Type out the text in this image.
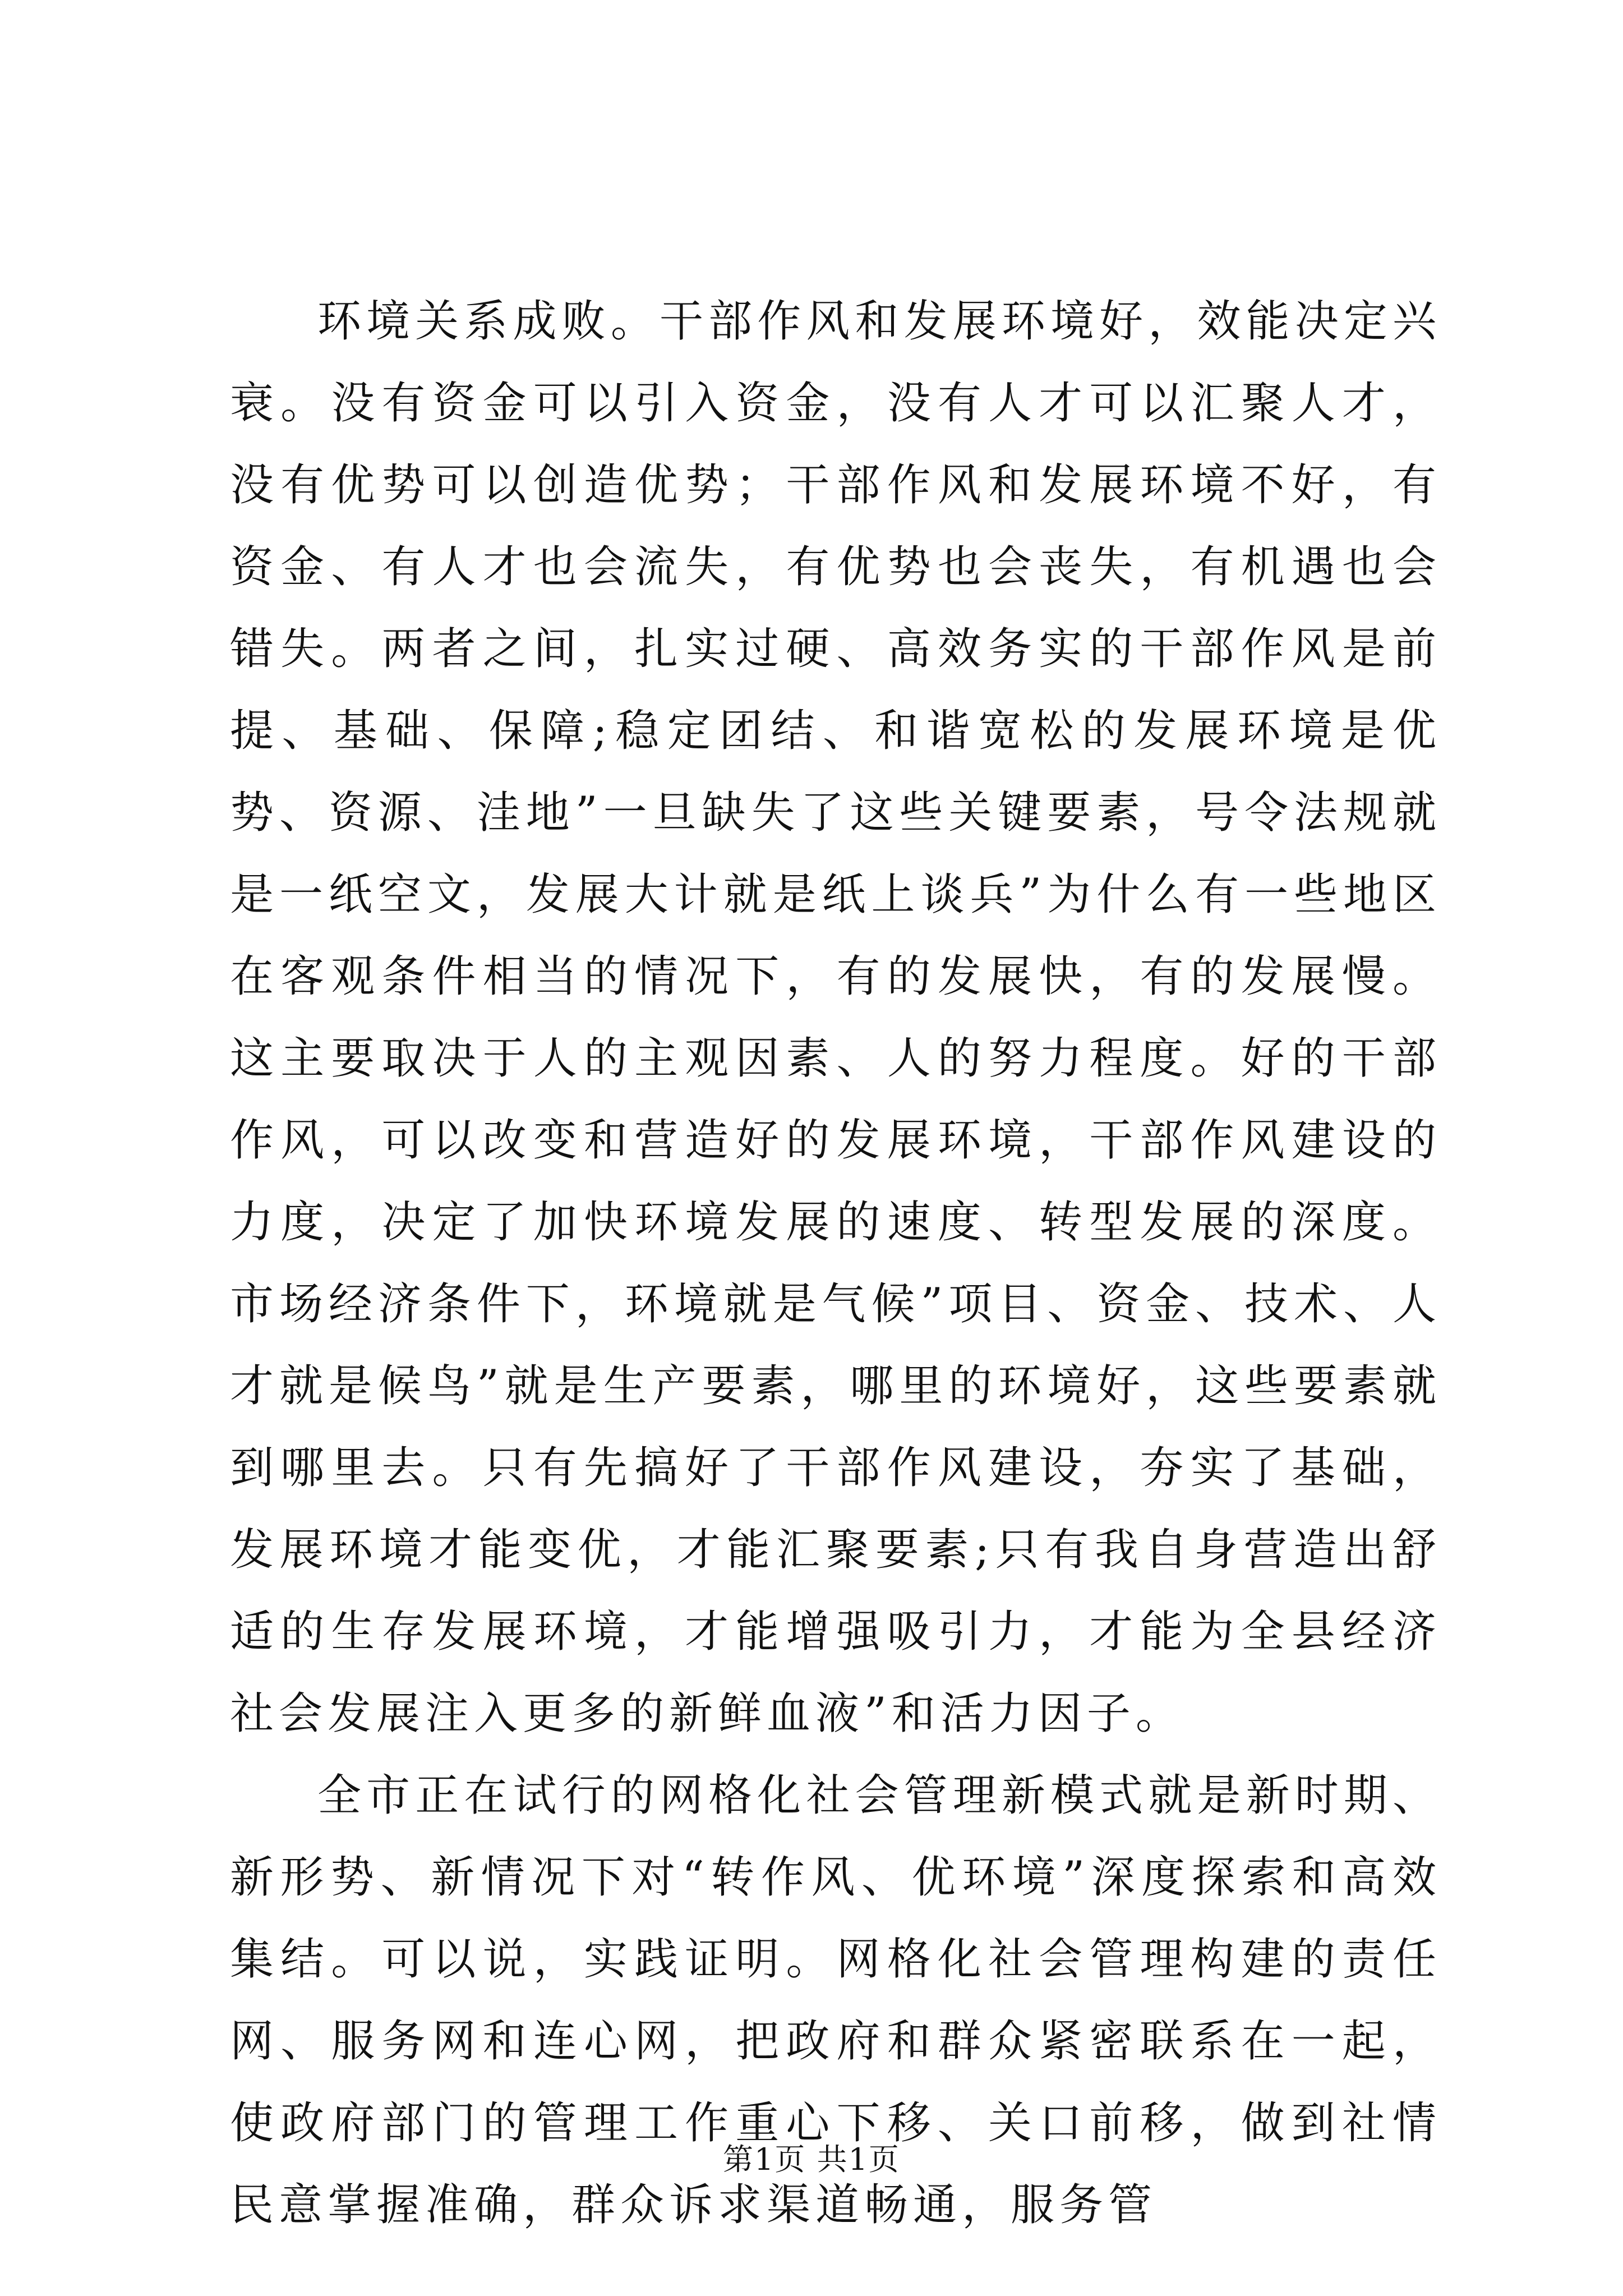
环境关系成败。干部作风和发展环境好，效能决定兴衰。没有资金可以引入资金，没有人才可以汇聚人才，没有优势可以创造优势；干部作风和发展环境不好，有资金、有人才也会流失，有优势也会丧失，有机遇也会错失。两者之间，扎实过硬、高效务实的干部作风是前提、基础、保障;稳定团结、和谐宽松的发展环境是优势、资源、洼地”一旦缺失了这些关键要素，号令法规就是一纸空文，发展大计就是纸上谈兵”为什么有一些地区在客观条件相当的情况下，有的发展快，有的发展慢。这主要取决于人的主观因素、人的努力程度。好的干部作风，可以改变和营造好的发展环境，干部作风建设的力度，决定了加快环境发展的速度、转型发展的深度。市场经济条件下，环境就是气候”项目、资金、技术、人才就是候鸟”就是生产要素，哪里的环境好，这些要素就到哪里去。只有先搞好了干部作风建设，夯实了基础，发展环境才能变优，才能汇聚要素;只有我自身营造出舒适的生存发展环境，才能增强吸引力，才能为全县经济社会发展注入更多的新鲜血液”和活力因子。

全市正在试行的网格化社会管理新模式就是新时期、新形势、新情况下对“转作风、优环境”深度探索和高效集结。可以说，实践证明。网格化社会管理构建的责任网、服务网和连心网，把政府和群众紧密联系在一起，使政府部门的管理工作重心下移、关口前移，做到社情民意掌握准确，群众诉求渠道畅通，服务管

第1页 共1页
